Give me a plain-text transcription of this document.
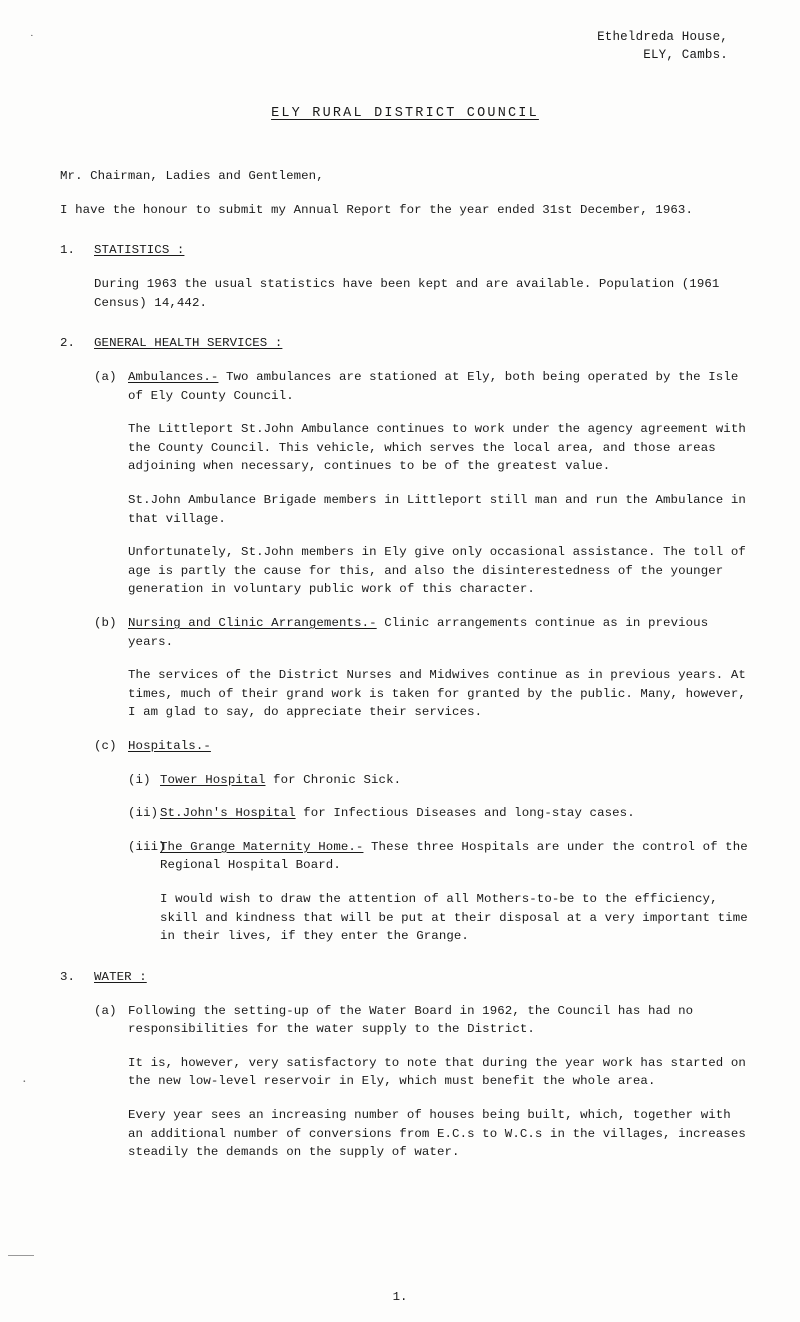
·
·
Etheldreda House,
ELY, Cambs.
ELY RURAL DISTRICT COUNCIL

Mr. Chairman, Ladies and Gentlemen,

I have the honour to submit my Annual Report for the year ended 31st December, 1963.

1.	STATISTICS :

During 1963 the usual statistics have been kept and are available. Population (1961 Census) 14,442.

2.	GENERAL HEALTH SERVICES :
(a) Ambulances.- Two ambulances are stationed at Ely, both being operated by the Isle of Ely County Council.

The Littleport St.John Ambulance continues to work under the agency agreement with the County Council. This vehicle, which serves the local area, and those areas adjoining when necessary, continues to be of the greatest value.

St.John Ambulance Brigade members in Littleport still man and run the Ambulance in that village.

Unfortunately, St.John members in Ely give only occasional assistance. The toll of age is partly the cause for this, and also the disinterestedness of the younger generation in voluntary public work of this character.

(b) Nursing and Clinic Arrangements.- Clinic arrangements continue as in previous years.

The services of the District Nurses and Midwives continue as in previous years. At times, much of their grand work is taken for granted by the public. Many, however, I am glad to say, do appreciate their services.

(c) Hospitals.-
(i) Tower Hospital for Chronic Sick.
(ii) St.John's Hospital for Infectious Diseases and long-stay cases.
(iii)
The Grange Maternity Home.- These three Hospitals are under the control of the Regional Hospital Board.

I would wish to draw the attention of all Mothers-to-be to the efficiency, skill and kindness that will be put at their disposal at a very important time in their lives, if they enter the Grange.

3.	WATER :
(a) Following the setting-up of the Water Board in 1962, the Council has had no responsibilities for the water supply to the District.

It is, however, very satisfactory to note that during the year work has started on the new low-level reservoir in Ely, which must benefit the whole area.

Every year sees an increasing number of houses being built, which, together with an additional number of conversions from E.C.s to W.C.s in the villages, increases steadily the demands on the supply of water.

1.
